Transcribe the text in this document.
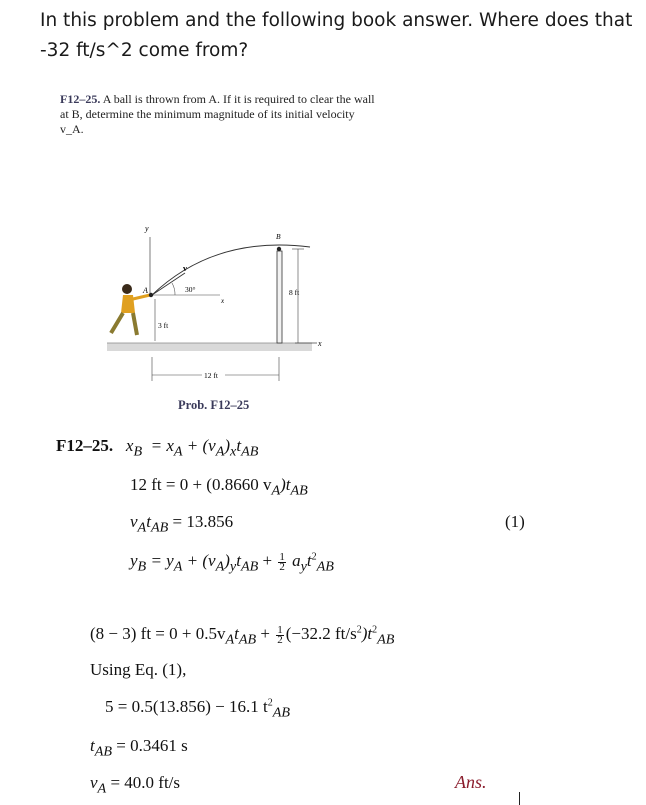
In this problem and the following book answer. Where does that -32 ft/s^2 come from?
F12–25. A ball is thrown from A. If it is required to clear the wall at B, determine the minimum magnitude of its initial velocity v_A.
y
x
x
v
30°
A
3 ft
B
8 ft
12 ft
Prob. F12–25
F12–25. $x_B = x_A + (v_A)_xt_{AB}$
12 ft = 0 + (0.8660 $v_A)t_{AB}$
$v_At_{AB} = 13.856$	(1)
$y_B = y_A + (v_A)_yt_{AB} + \frac{1}{2} a_yt^2_{AB}$
(8 − 3) ft = $0 + 0.5v_At_{AB} + \frac{1}{2} (-32.2$ $ft/s^2)t^2_{AB}$
Using Eq. (1),
5 = 0.5(13.856) − 16.1 $t^2_{AB}$
$t_{AB} = 0.3461$ s
$v_A = 40.0$ ft/s	Ans.
